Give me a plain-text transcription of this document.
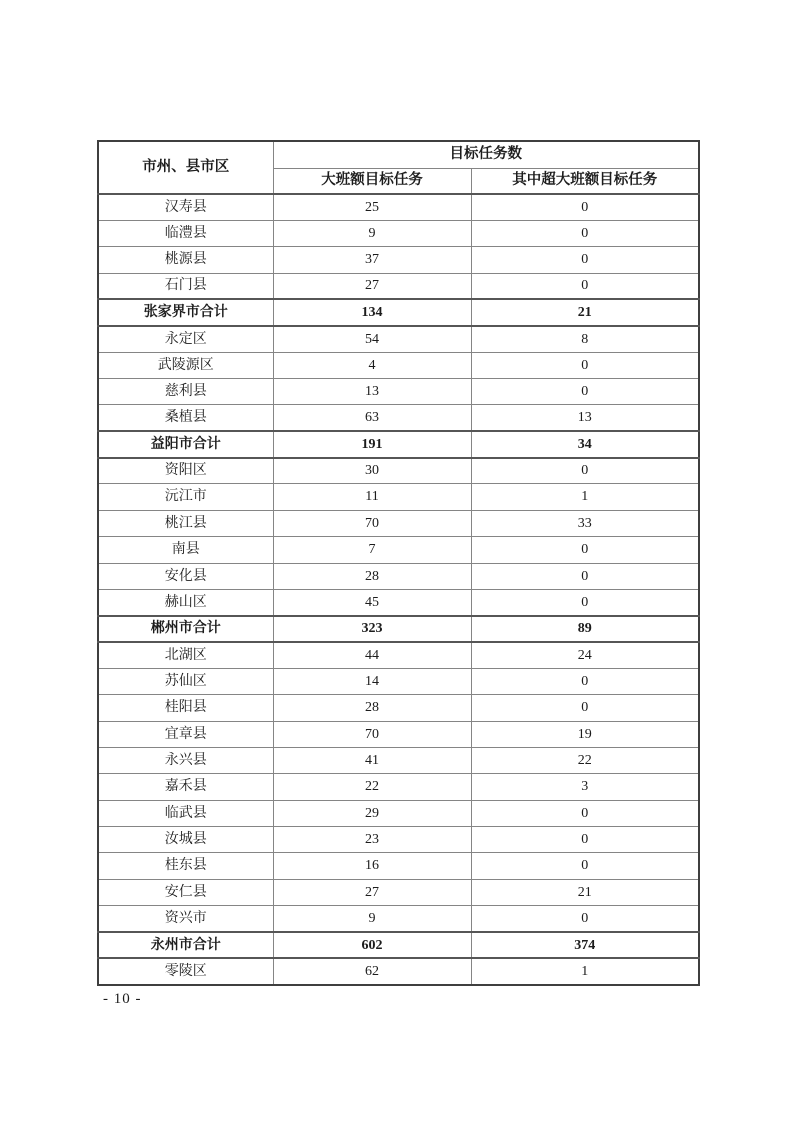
市州、县市区	目标任务数	
	大班额目标任务	其中超大班额目标任务
汉寿县	25	0
临澧县	9	0
桃源县	37	0
石门县	27	0
张家界市合计	134	21
永定区	54	8
武陵源区	4	0
慈利县	13	0
桑植县	63	13
益阳市合计	191	34
资阳区	30	0
沅江市	11	1
桃江县	70	33
南县	7	0
安化县	28	0
赫山区	45	0
郴州市合计	323	89
北湖区	44	24
苏仙区	14	0
桂阳县	28	0
宜章县	70	19
永兴县	41	22
嘉禾县	22	3
临武县	29	0
汝城县	23	0
桂东县	16	0
安仁县	27	21
资兴市	9	0
永州市合计	602	374
零陵区	62	1
- 10 -
